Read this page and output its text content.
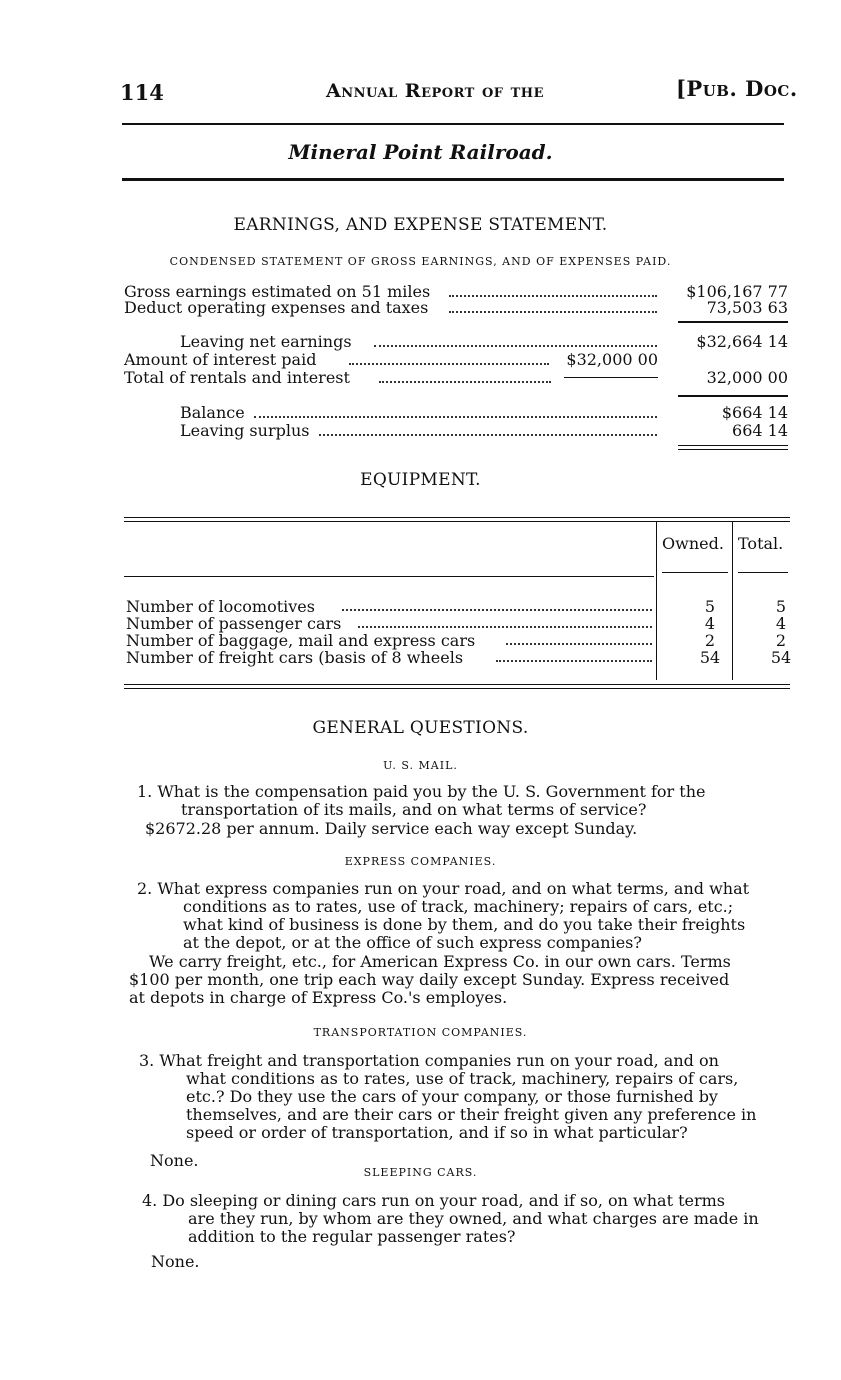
114	Annual Report of the	[Pub. Doc.
Mineral Point Railroad.
EARNINGS, AND EXPENSE STATEMENT.
CONDENSED STATEMENT OF GROSS EARNINGS, AND OF EXPENSES PAID.
Gross earnings estimated on 51 miles	$106,167 77
Deduct operating expenses and taxes	73,503 63
Leaving net earnings	$32,664 14
Amount of interest paid	$32,000 00
Total of rentals and interest	32,000 00
Balance	$664 14
Leaving surplus	664 14
EQUIPMENT.
Owned. Total.
Number of locomotives	5	5
Number of passenger cars	4	4
Number of baggage, mail and express cars	2	2
Number of freight cars (basis of 8 wheels	54	54
GENERAL QUESTIONS.
U. S. MAIL.
1. What is the compensation paid you by the U. S. Government for the
transportation of its mails, and on what terms of service?
$2672.28 per annum. Daily service each way except Sunday.
EXPRESS COMPANIES.
2. What express companies run on your road, and on what terms, and what
conditions as to rates, use of track, machinery; repairs of cars, etc.;
what kind of business is done by them, and do you take their freights
at the depot, or at the office of such express companies?
We carry freight, etc., for American Express Co. in our own cars. Terms
$100 per month, one trip each way daily except Sunday. Express received
at depots in charge of Express Co.'s employes.
TRANSPORTATION COMPANIES.
3. What freight and transportation companies run on your road, and on
what conditions as to rates, use of track, machinery, repairs of cars,
etc.? Do they use the cars of your company, or those furnished by
themselves, and are their cars or their freight given any preference in
speed or order of transportation, and if so in what particular?
None.
SLEEPING CARS.
4. Do sleeping or dining cars run on your road, and if so, on what terms
are they run, by whom are they owned, and what charges are made in
addition to the regular passenger rates?
None.
